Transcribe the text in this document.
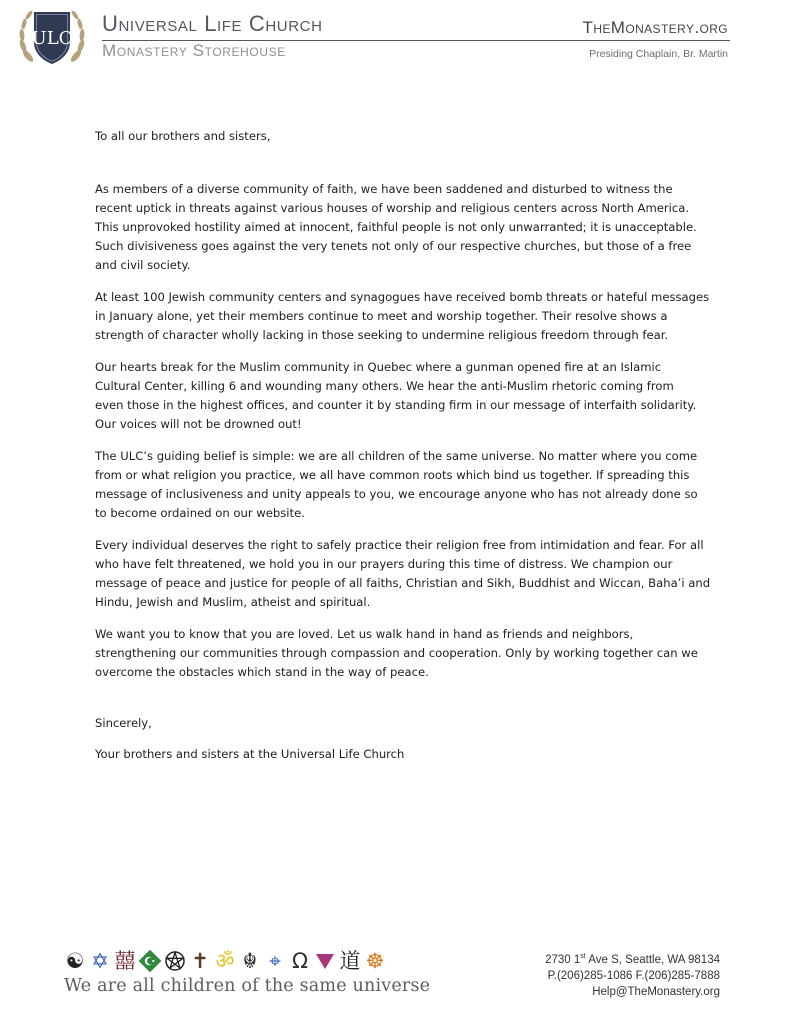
ULC
Universal Life Church
Monastery Storehouse
TheMonastery.org
Presiding Chaplain, Br. Martin

To all our brothers and sisters,

As members of a diverse community of faith, we have been saddened and disturbed to witness the
recent uptick in threats against various houses of worship and religious centers across North America.
This unprovoked hostility aimed at innocent, faithful people is not only unwarranted; it is unacceptable.
Such divisiveness goes against the very tenets not only of our respective churches, but those of a free
and civil society.

At least 100 Jewish community centers and synagogues have received bomb threats or hateful messages
in January alone, yet their members continue to meet and worship together. Their resolve shows a
strength of character wholly lacking in those seeking to undermine religious freedom through fear.

Our hearts break for the Muslim community in Quebec where a gunman opened fire at an Islamic
Cultural Center, killing 6 and wounding many others. We hear the anti-Muslim rhetoric coming from
even those in the highest offices, and counter it by standing firm in our message of interfaith solidarity.
Our voices will not be drowned out!

The ULC’s guiding belief is simple: we are all children of the same universe. No matter where you come
from or what religion you practice, we all have common roots which bind us together. If spreading this
message of inclusiveness and unity appeals to you, we encourage anyone who has not already done so
to become ordained on our website.

Every individual deserves the right to safely practice their religion free from intimidation and fear. For all
who have felt threatened, we hold you in our prayers during this time of distress. We champion our
message of peace and justice for people of all faiths, Christian and Sikh, Buddhist and Wiccan, Baha’i and
Hindu, Jewish and Muslim, atheist and spiritual.

We want you to know that you are loved. Let us walk hand in hand as friends and neighbors,
strengthening our communities through compassion and cooperation. Only by working together can we
overcome the obstacles which stand in the way of peace.

Sincerely,

Your brothers and sisters at the Universal Life Church

☯ ✡ 囍	✝ ॐ ☬ ⌖ Ω 道 ☸
We are all children of the same universe
2730 1st Ave S, Seattle, WA 98134
P.(206)285-1086 F.(206)285-7888
Help@TheMonastery.org
